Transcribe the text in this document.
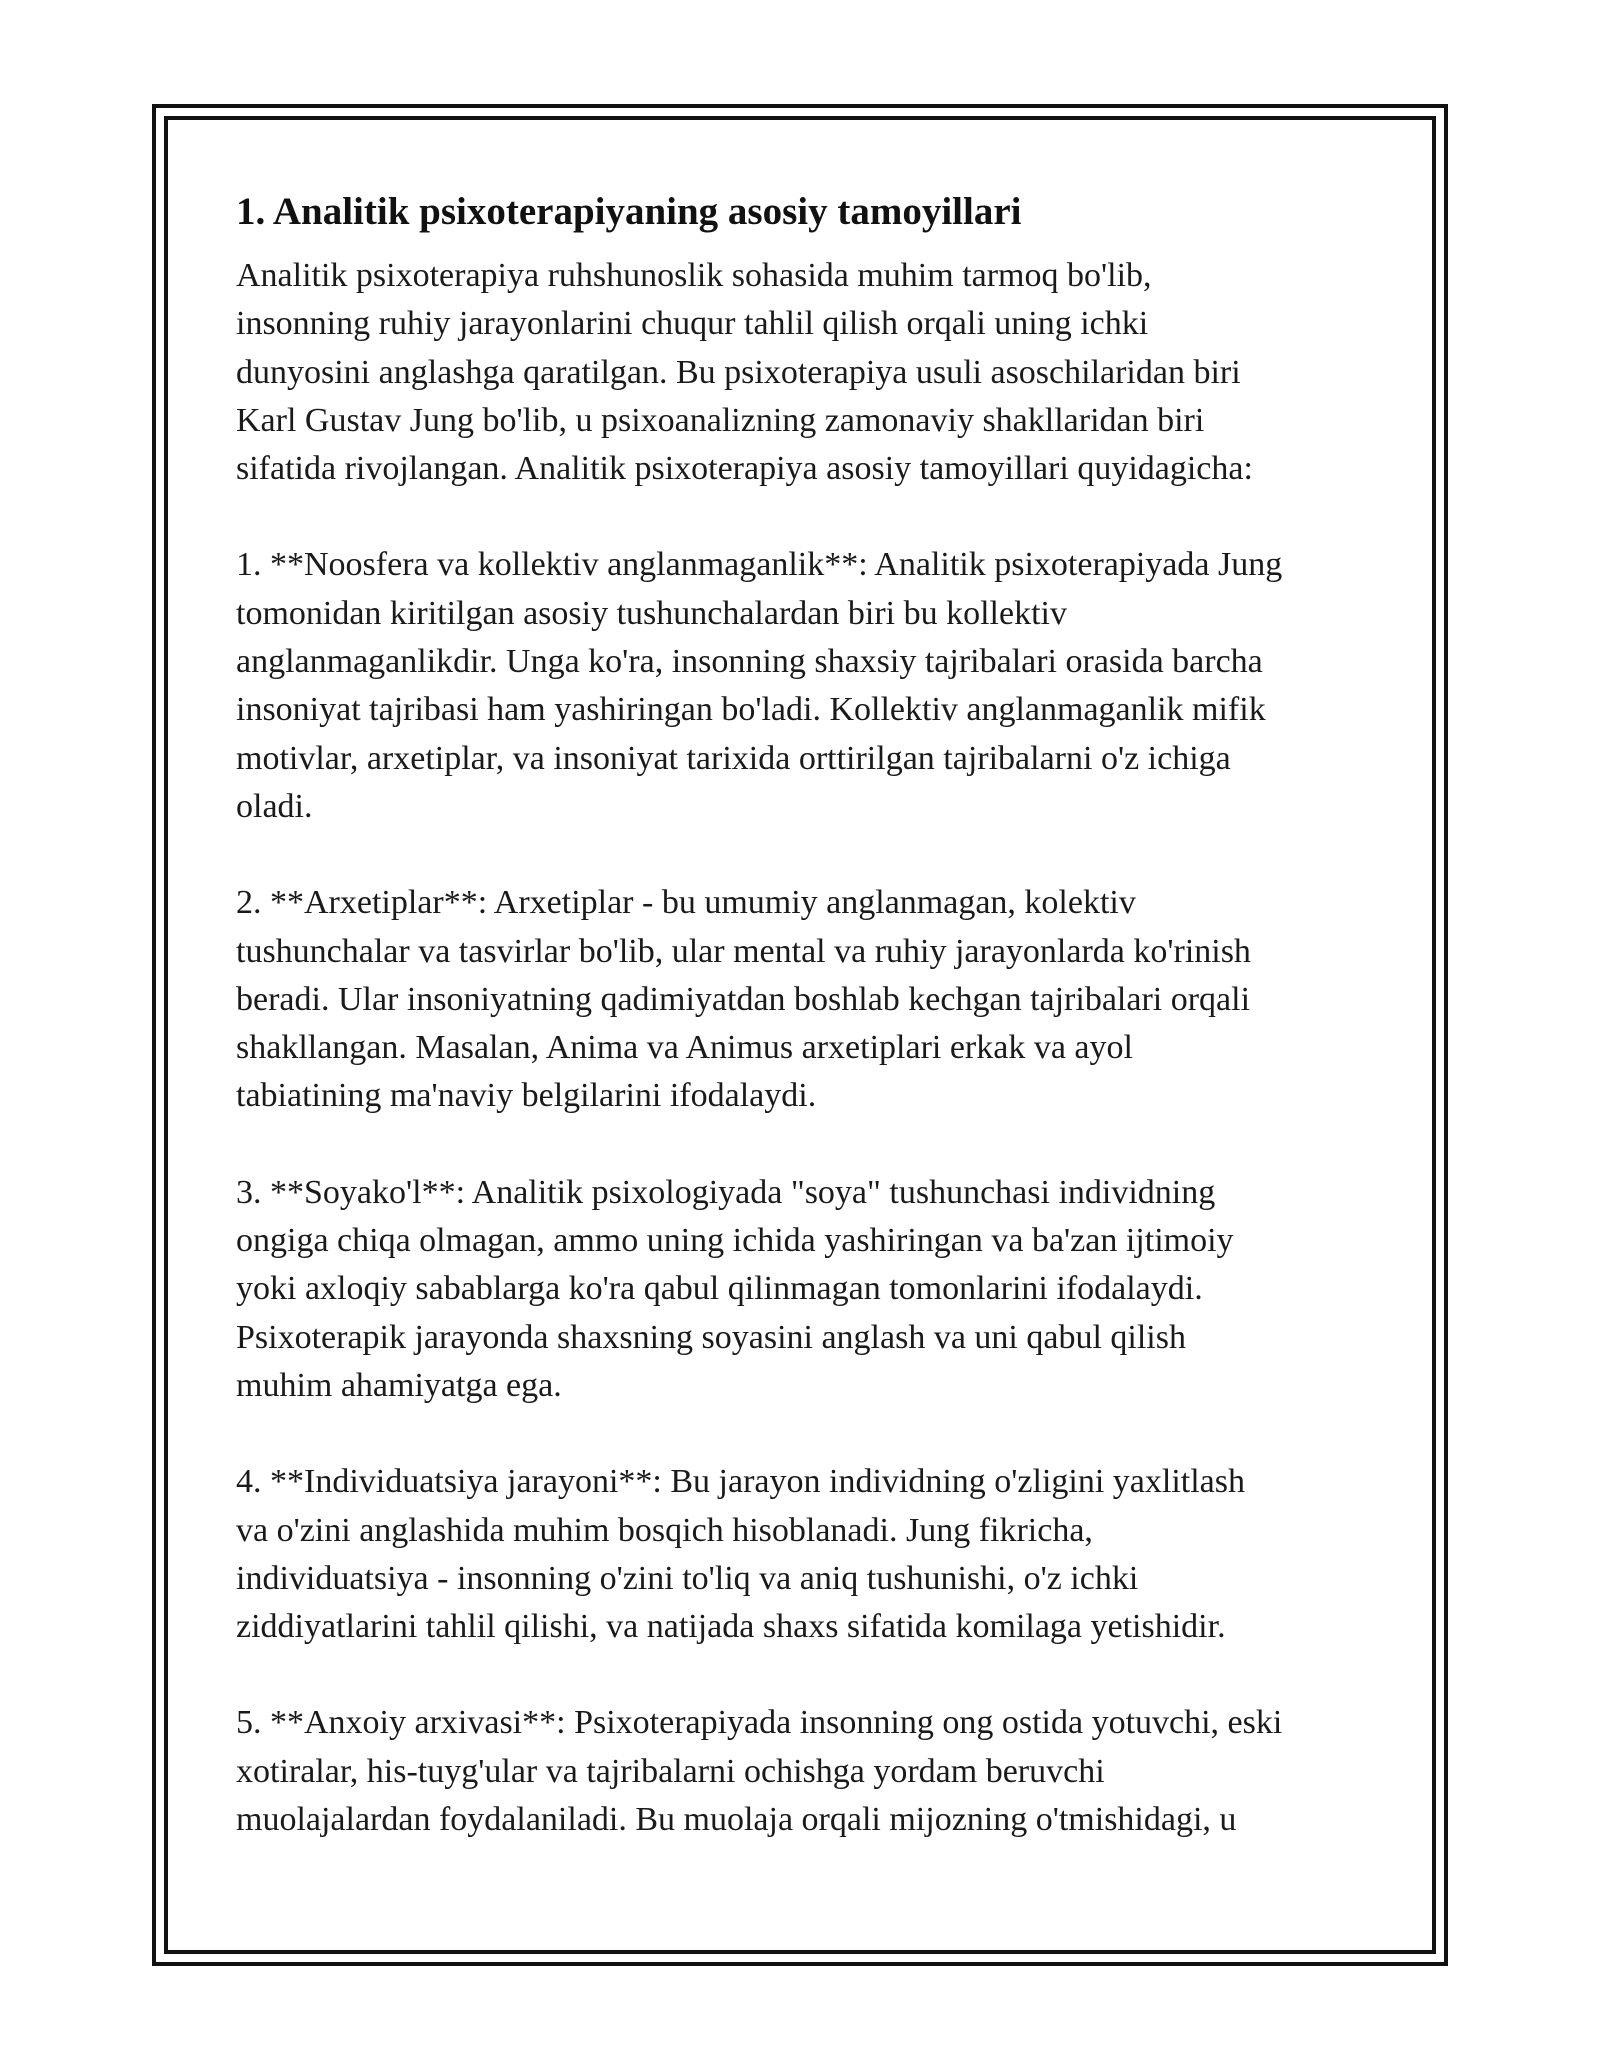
1. Analitik psixoterapiyaning asosiy tamoyillari

Analitik psixoterapiya ruhshunoslik sohasida muhim tarmoq bo'lib,
insonning ruhiy jarayonlarini chuqur tahlil qilish orqali uning ichki
dunyosini anglashga qaratilgan. Bu psixoterapiya usuli asoschilaridan biri
Karl Gustav Jung bo'lib, u psixoanalizning zamonaviy shakllaridan biri
sifatida rivojlangan. Analitik psixoterapiya asosiy tamoyillari quyidagicha:

1. **Noosfera va kollektiv anglanmaganlik**: Analitik psixoterapiyada Jung
tomonidan kiritilgan asosiy tushunchalardan biri bu kollektiv
anglanmaganlikdir. Unga ko'ra, insonning shaxsiy tajribalari orasida barcha
insoniyat tajribasi ham yashiringan bo'ladi. Kollektiv anglanmaganlik mifik
motivlar, arxetiplar, va insoniyat tarixida orttirilgan tajribalarni o'z ichiga
oladi.

2. **Arxetiplar**: Arxetiplar - bu umumiy anglanmagan, kolektiv
tushunchalar va tasvirlar bo'lib, ular mental va ruhiy jarayonlarda ko'rinish
beradi. Ular insoniyatning qadimiyatdan boshlab kechgan tajribalari orqali
shakllangan. Masalan, Anima va Animus arxetiplari erkak va ayol
tabiatining ma'naviy belgilarini ifodalaydi.

3. **Soyako'l**: Analitik psixologiyada "soya" tushunchasi individning
ongiga chiqa olmagan, ammo uning ichida yashiringan va ba'zan ijtimoiy
yoki axloqiy sabablarga ko'ra qabul qilinmagan tomonlarini ifodalaydi.
Psixoterapik jarayonda shaxsning soyasini anglash va uni qabul qilish
muhim ahamiyatga ega.

4. **Individuatsiya jarayoni**: Bu jarayon individning o'zligini yaxlitlash
va o'zini anglashida muhim bosqich hisoblanadi. Jung fikricha,
individuatsiya - insonning o'zini to'liq va aniq tushunishi, o'z ichki
ziddiyatlarini tahlil qilishi, va natijada shaxs sifatida komilaga yetishidir.

5. **Anxoiy arxivasi**: Psixoterapiyada insonning ong ostida yotuvchi, eski
xotiralar, his-tuyg'ular va tajribalarni ochishga yordam beruvchi
muolajalardan foydalaniladi. Bu muolaja orqali mijozning o'tmishidagi, u
